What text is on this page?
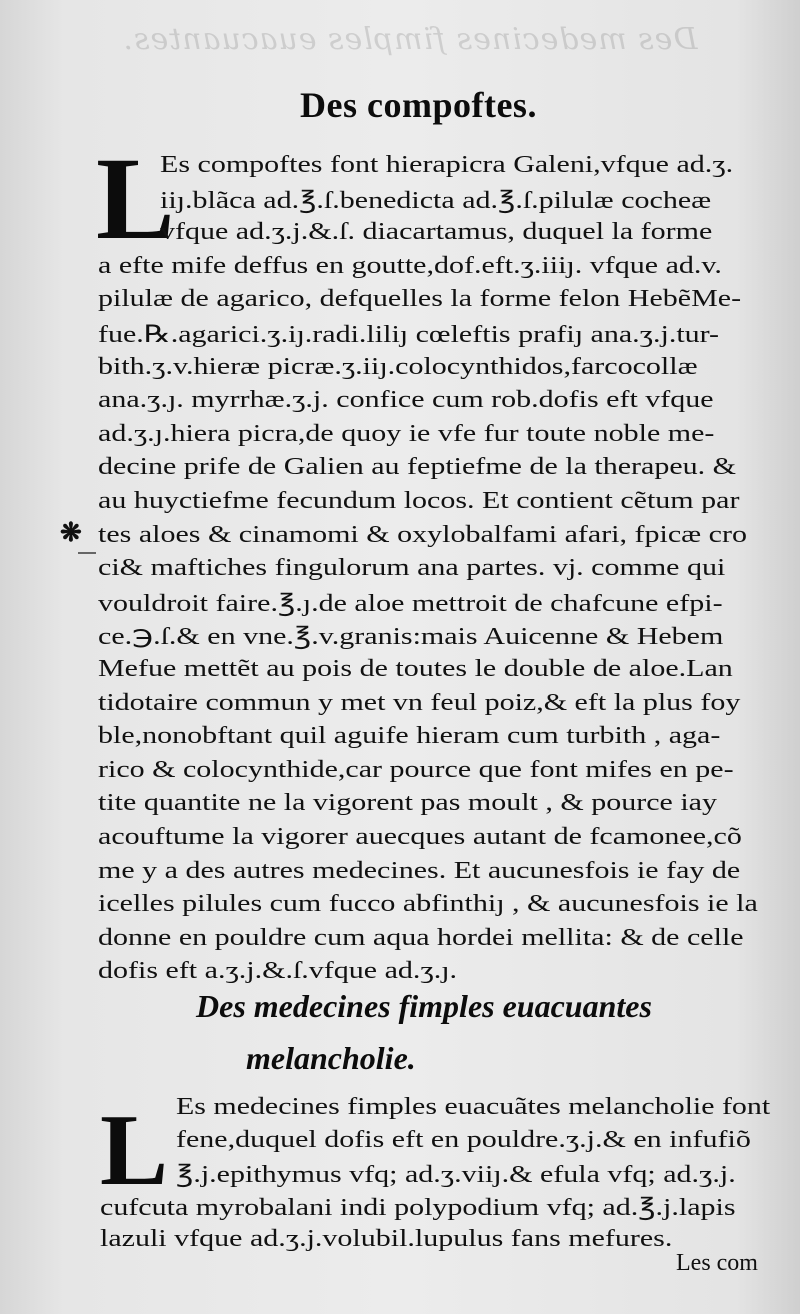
Des medecines fimples euacuantes.
Des compoftes.
L
❋
Es compoftes font hierapicra Galeni,vfque ad.ʒ.
iiȷ.blãca ad.℥.ſ.benedicta ad.℥.ſ.pilulæ cocheæ
vfque ad.ʒ.j.&.ſ. diacartamus, duquel la forme
a efte mife deffus en goutte,dof.eft.ʒ.iiiȷ. vfque ad.v.
pilulæ de agarico, defquelles la forme felon HebẽMe-
fue.℞.agarici.ʒ.iȷ.radi.liliȷ cœleftis prafiȷ ana.ʒ.j.tur-
bith.ʒ.v.hieræ picræ.ʒ.iiȷ.colocynthidos,farcocollæ
ana.ʒ.ȷ. myrrhæ.ʒ.j. confice cum rob.dofis eft vfque
ad.ʒ.ȷ.hiera picra,de quoy ie vfe fur toute noble me-
decine prife de Galien au feptiefme de la therapeu. &
au huyctiefme fecundum locos. Et contient cẽtum par
tes aloes & cinamomi & oxylobalfami afari, fpicæ cro
ci& maftiches fingulorum ana partes. vj. comme qui
vouldroit faire.℥.ȷ.de aloe mettroit de chafcune efpi-
ce.℈.ſ.& en vne.℥.v.granis:mais Auicenne & Hebem
Mefue mettẽt au pois de toutes le double de aloe.Lan
tidotaire commun y met vn feul poiz,& eft la plus foy
ble,nonobftant quil aguife hieram cum turbith , aga-
rico & colocynthide,car pource que font mifes en pe-
tite quantite ne la vigorent pas moult , & pource iay
acouftume la vigorer auecques autant de fcamonee,cõ
me y a des autres medecines. Et aucunesfois ie fay de
icelles pilules cum fucco abfinthiȷ , & aucunesfois ie la
donne en pouldre cum aqua hordei mellita: & de celle
dofis eft a.ʒ.j.&.ſ.vfque ad.ʒ.ȷ.
Des medecines fimples euacuantes
melancholie.
L Es medecines fimples euacuãtes melancholie font
fene,duquel dofis eft en pouldre.ʒ.j.& en infufiõ
℥.j.epithymus vfq; ad.ʒ.viiȷ.& efula vfq; ad.ʒ.j.
cufcuta myrobalani indi polypodium vfq; ad.℥.j.lapis
lazuli vfque ad.ʒ.j.volubil.lupulus fans mefures.
Les com
